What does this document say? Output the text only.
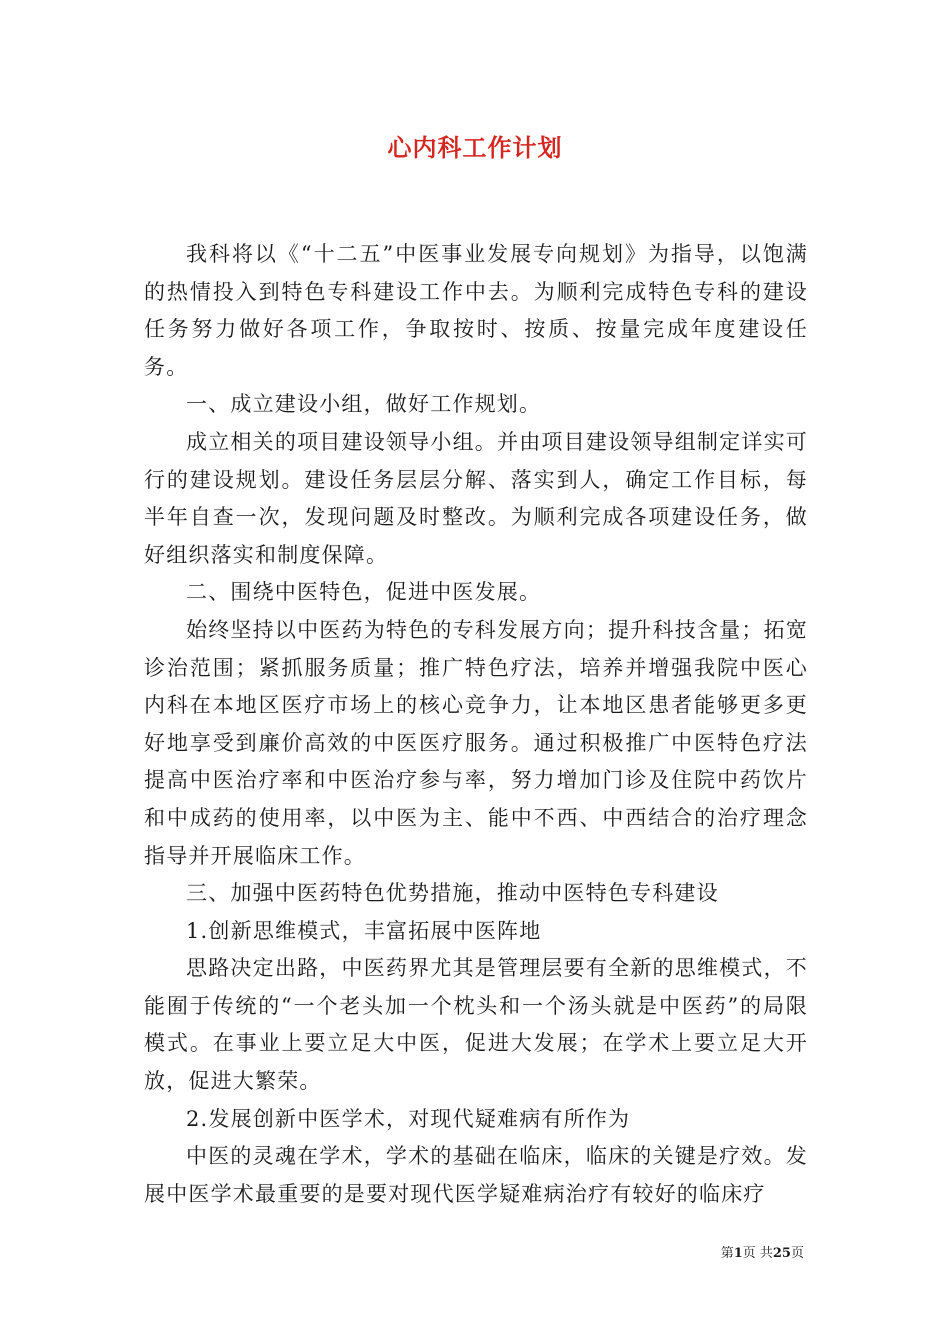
心内科工作计划

我科将以《“十二五”中医事业发展专向规划》为指导，以饱满的热情投入到特色专科建设工作中去。为顺利完成特色专科的建设任务努力做好各项工作，争取按时、按质、按量完成年度建设任务。

一、成立建设小组，做好工作规划。

成立相关的项目建设领导小组。并由项目建设领导组制定详实可行的建设规划。建设任务层层分解、落实到人，确定工作目标，每半年自查一次，发现问题及时整改。为顺利完成各项建设任务，做好组织落实和制度保障。

二、围绕中医特色，促进中医发展。

始终坚持以中医药为特色的专科发展方向；提升科技含量；拓宽诊治范围；紧抓服务质量；推广特色疗法，培养并增强我院中医心内科在本地区医疗市场上的核心竞争力，让本地区患者能够更多更好地享受到廉价高效的中医医疗服务。通过积极推广中医特色疗法提高中医治疗率和中医治疗参与率，努力增加门诊及住院中药饮片和中成药的使用率，以中医为主、能中不西、中西结合的治疗理念指导并开展临床工作。

三、加强中医药特色优势措施，推动中医特色专科建设

1.创新思维模式，丰富拓展中医阵地

思路决定出路，中医药界尤其是管理层要有全新的思维模式，不能囿于传统的“一个老头加一个枕头和一个汤头就是中医药”的局限模式。在事业上要立足大中医，促进大发展；在学术上要立足大开放，促进大繁荣。

2.发展创新中医学术，对现代疑难病有所作为

中医的灵魂在学术，学术的基础在临床，临床的关键是疗效。发展中医学术最重要的是要对现代医学疑难病治疗有较好的临床疗

第1页 共25页
